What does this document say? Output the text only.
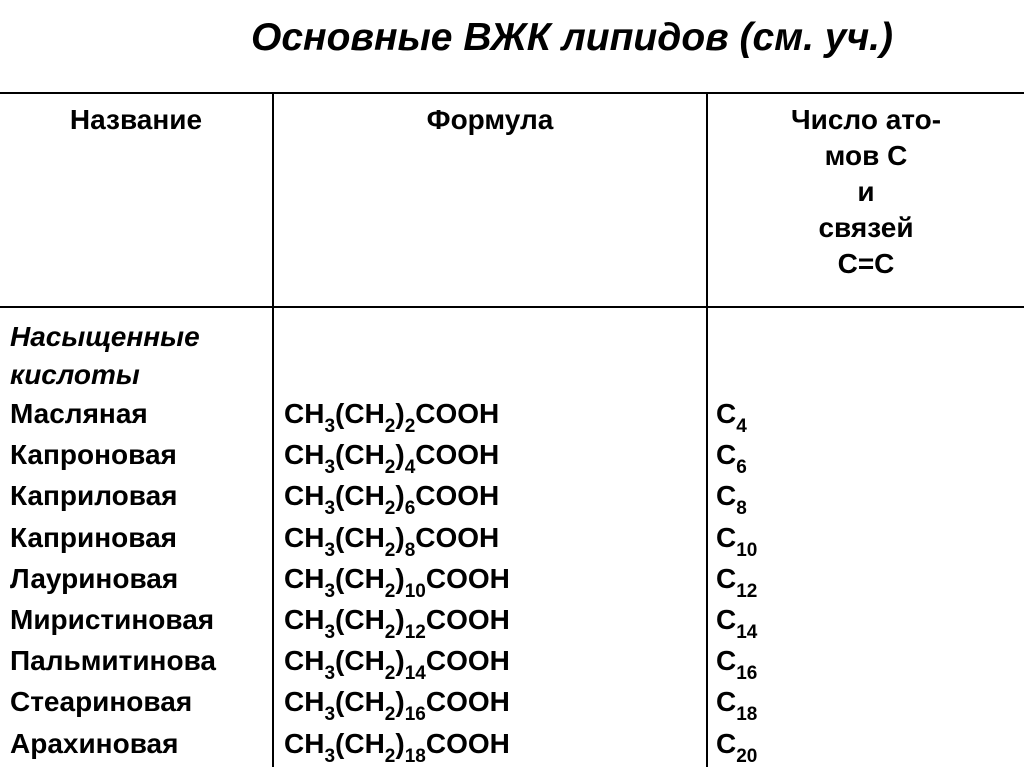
Основные ВЖК липидов (см. уч.)
Название	Формула	Число ато-
мов С
и
связей
С=С
Насыщенные
кислоты
Масляная	$CH_3(CH_2)_2COOH$	$C_4$
Капроновая	$CH_3(CH_2)_4COOH$	$C_6$
Каприловая	$CH_3(CH_2)_6COOH$	$C_8$
Каприновая	$CH_3(CH_2)_8COOH$	$C_{10}$
Лауриновая	$CH_3(CH_2)_{10}COOH$	$C_{12}$
Миристиновая $CH_3(CH_2)_{12}COOH$	$C_{14}$
Пальмитинова $CH_3(CH_2)_{14}COOH$	$C_{16}$
Стеариновая	$CH_3(CH_2)_{16}COOH$	$C_{18}$
Арахиновая	$CH_3(CH_2)_{18}COOH$	$C_{20}$
